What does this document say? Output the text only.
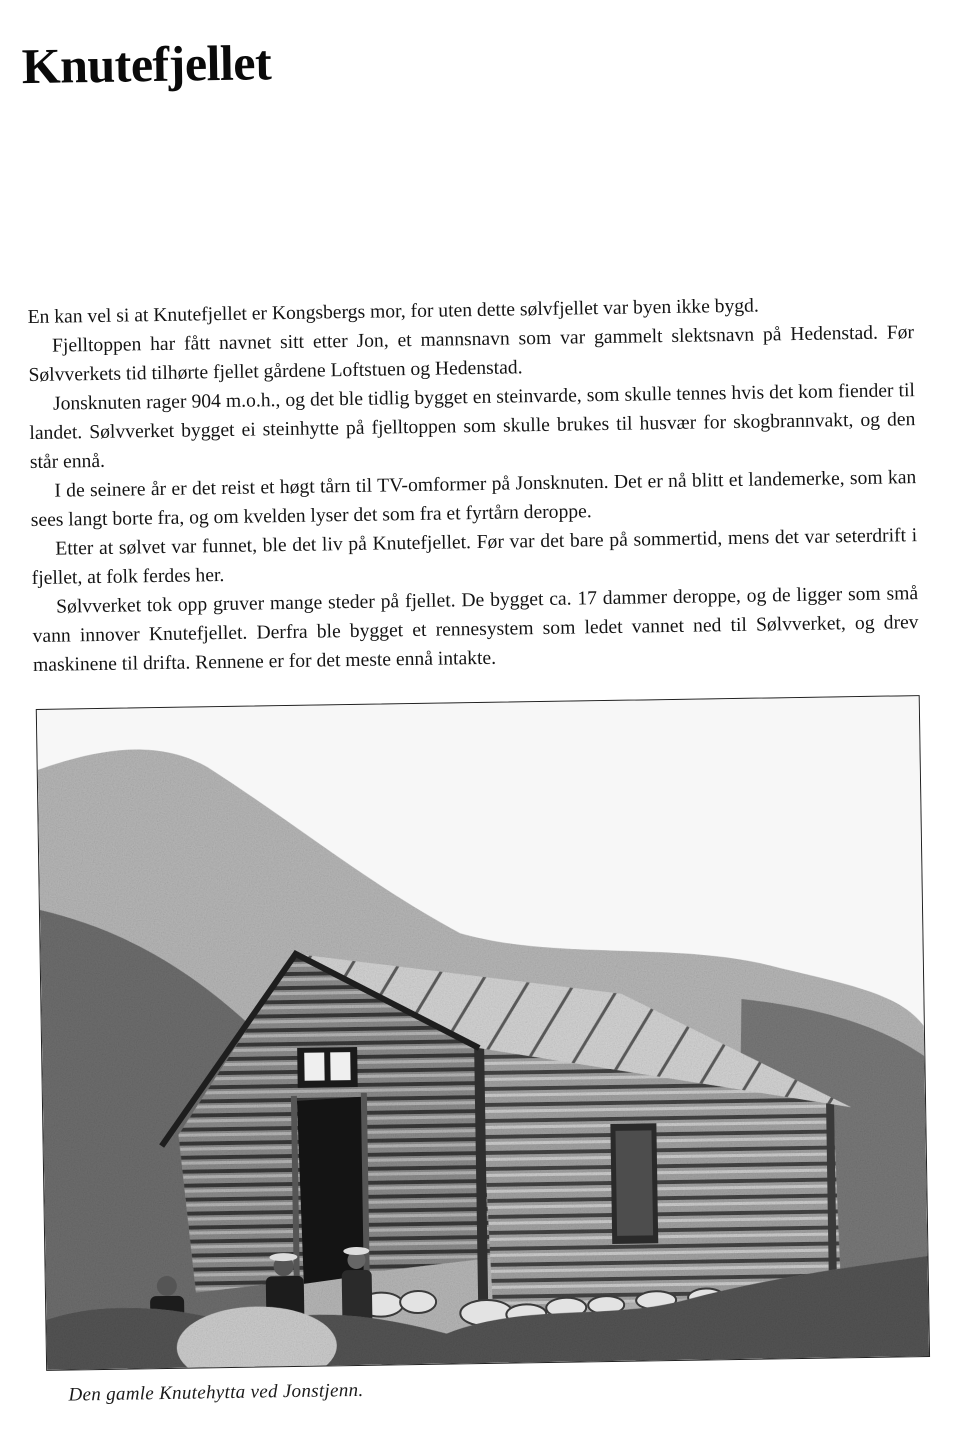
Knutefjellet

En kan vel si at Knutefjellet er Kongsbergs mor, for uten dette sølvfjellet var byen ikke bygd.

Fjelltoppen har fått navnet sitt etter Jon, et mannsnavn som var gammelt slektsnavn på Hedenstad. Før Sølvverkets tid tilhørte fjellet gårdene Loftstuen og Hedenstad.

Jonsknuten rager 904 m.o.h., og det ble tidlig bygget en steinvarde, som skulle tennes hvis det kom fiender til landet. Sølvverket bygget ei steinhytte på fjelltoppen som skulle brukes til husvær for skogbrannvakt, og den står ennå.

I de seinere år er det reist et høgt tårn til TV-omformer på Jonsknuten. Det er nå blitt et landemerke, som kan sees langt borte fra, og om kvelden lyser det som fra et fyrtårn deroppe.

Etter at sølvet var funnet, ble det liv på Knutefjellet. Før var det bare på sommertid, mens det var seterdrift i fjellet, at folk ferdes her.

Sølvverket tok opp gruver mange steder på fjellet. De bygget ca. 17 dammer deroppe, og de ligger som små vann innover Knutefjellet. Derfra ble bygget et rennesystem som ledet vannet ned til Sølvverket, og drev maskinene til drifta. Rennene er for det meste ennå intakte.

Den gamle Knutehytta ved Jonstjenn.
